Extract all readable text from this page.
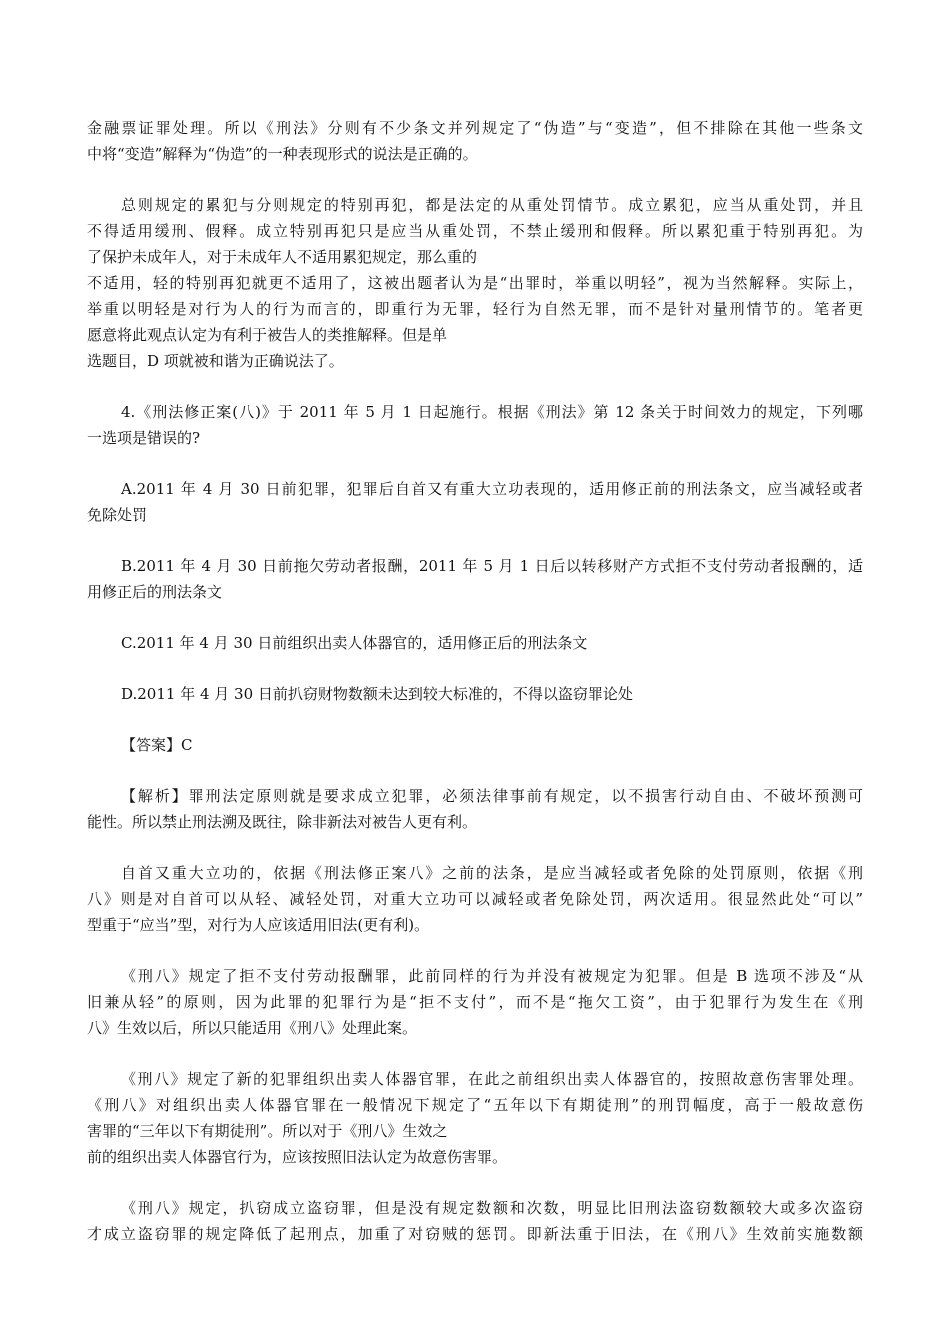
金融票证罪处理。所以《刑法》分则有不少条文并列规定了“伪造”与“变造”，但不排除在其他一些条文
中将“变造”解释为“伪造”的一种表现形式的说法是正确的。
总则规定的累犯与分则规定的特别再犯，都是法定的从重处罚情节。成立累犯，应当从重处罚，并且
不得适用缓刑、假释。成立特别再犯只是应当从重处罚，不禁止缓刑和假释。所以累犯重于特别再犯。为
了保护未成年人，对于未成年人不适用累犯规定，那么重的
不适用，轻的特别再犯就更不适用了，这被出题者认为是“出罪时，举重以明轻”，视为当然解释。实际上，
举重以明轻是对行为人的行为而言的，即重行为无罪，轻行为自然无罪，而不是针对量刑情节的。笔者更
愿意将此观点认定为有利于被告人的类推解释。但是单
选题目，D 项就被和谐为正确说法了。
4.《刑法修正案(八)》于 2011 年 5 月 1 日起施行。根据《刑法》第 12 条关于时间效力的规定，下列哪
一选项是错误的?
A.2011 年 4 月 30 日前犯罪，犯罪后自首又有重大立功表现的，适用修正前的刑法条文，应当减轻或者
免除处罚
B.2011 年 4 月 30 日前拖欠劳动者报酬，2011 年 5 月 1 日后以转移财产方式拒不支付劳动者报酬的，适
用修正后的刑法条文
C.2011 年 4 月 30 日前组织出卖人体器官的，适用修正后的刑法条文
D.2011 年 4 月 30 日前扒窃财物数额未达到较大标准的，不得以盗窃罪论处
【答案】C
【解析】罪刑法定原则就是要求成立犯罪，必须法律事前有规定，以不损害行动自由、不破坏预测可
能性。所以禁止刑法溯及既往，除非新法对被告人更有利。
自首又重大立功的，依据《刑法修正案八》之前的法条，是应当减轻或者免除的处罚原则，依据《刑
八》则是对自首可以从轻、减轻处罚，对重大立功可以减轻或者免除处罚，两次适用。很显然此处“可以”
型重于“应当”型，对行为人应该适用旧法(更有利)。
《刑八》规定了拒不支付劳动报酬罪，此前同样的行为并没有被规定为犯罪。但是 B 选项不涉及“从
旧兼从轻”的原则，因为此罪的犯罪行为是“拒不支付”，而不是“拖欠工资”，由于犯罪行为发生在《刑
八》生效以后，所以只能适用《刑八》处理此案。
《刑八》规定了新的犯罪组织出卖人体器官罪，在此之前组织出卖人体器官的，按照故意伤害罪处理。
《刑八》对组织出卖人体器官罪在一般情况下规定了“五年以下有期徒刑”的刑罚幅度，高于一般故意伤
害罪的“三年以下有期徒刑”。所以对于《刑八》生效之
前的组织出卖人体器官行为，应该按照旧法认定为故意伤害罪。
《刑八》规定，扒窃成立盗窃罪，但是没有规定数额和次数，明显比旧刑法盗窃数额较大或多次盗窃
才成立盗窃罪的规定降低了起刑点，加重了对窃贼的惩罚。即新法重于旧法，在《刑八》生效前实施数额
